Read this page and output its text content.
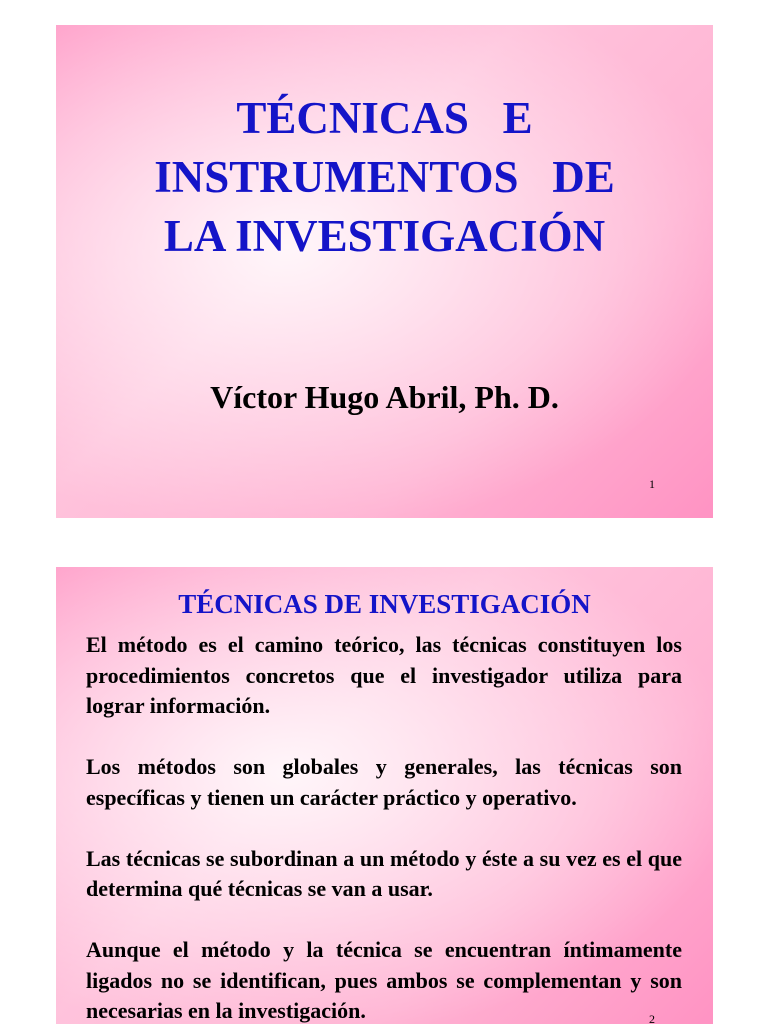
TÉCNICAS   E
INSTRUMENTOS   DE
LA INVESTIGACIÓN

Víctor Hugo Abril, Ph. D.

1
TÉCNICAS DE INVESTIGACIÓN

El método es el camino teórico, las técnicas constituyen los procedimientos concretos que el investigador utiliza para lograr información.

Los métodos son globales y generales, las técnicas son específicas y tienen un carácter práctico y operativo.

Las técnicas se subordinan a un método y éste a su vez es el que determina qué técnicas se van a usar.

Aunque el método y la técnica se encuentran íntimamente ligados no se identifican, pues ambos se complementan y son necesarias en la investigación.	2
